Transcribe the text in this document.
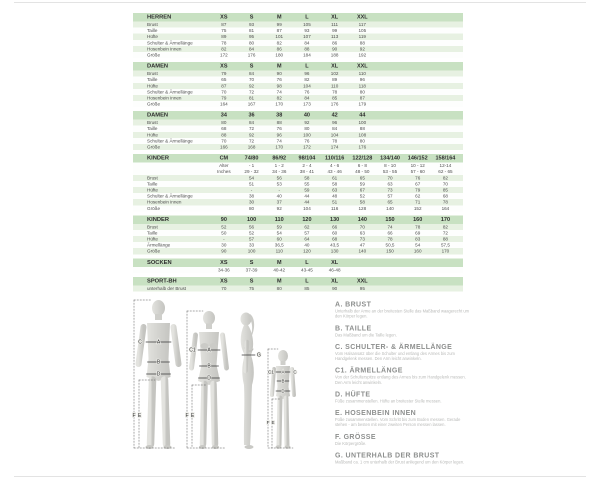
HERREN	XS	S	M	L	XL	XXL
Brust	87	93	99	105	111	117
Taille	75	81	87	93	99	105
Hüfte	89	95	101	107	113	119
Schulter & Ärmellänge	78	80	82	84	86	88
Hosenbein innen	82	84	86	88	90	92
Größe	172	176	180	184	188	192
DAMEN	XS	S	M	L	XL	XXL
Brust	79	84	90	96	102	110
Taille	65	70	76	82	89	96
Hüfte	87	92	98	104	110	118
Schulter & Ärmellänge	70	72	74	76	78	80
Hosenbein innen	79	81	82	84	85	87
Größe	164	167	170	173	176	179
DAMEN	34	36	38	40	42	44
Brust	80	84	88	92	96	100
Taille	68	72	76	80	84	88
Hüfte	88	92	96	100	104	108
Schulter & Ärmellänge	70	72	74	76	78	80
Größe	166	168	170	172	174	176
KINDER	CM	74/80	86/92	98/104 110/116 122/128 134/140 146/152 158/164
Alter	- 1	1 - 2	2 - 4	4 - 6	6 - 8	8 - 10	10 - 12	12-14
Inches	29 - 32	34 - 36	38 - 41	43 - 46	48 - 50	53 - 55	57 - 60	62 - 65
Brust	54	56	58	61	65	70	76	82
Taille	51	53	55	58	59	63	67	70
Hüfte	-	-	59	63	67	73	79	85
Schulter & Ärmellänge	38	40	44	48	52	57	62	68
Hosenbein innen	30	37	44	51	58	65	71	78
Größe	80	92	104	116	128	140	152	164
KINDER	90	100	110	120	130	140	150	160	170
Brust	52	56	59	62	66	70	74	78	82
Taille	50	52	54	57	60	63	66	69	72
Hüfte	-	57	60	64	68	73	78	83	88
Ärmellänge	30	33	36,5	40	43,5	47	50,5	54	57,5
Größe	90	100	110	120	130	140	150	160	170
SOCKEN	XS	S	M	L	XL
34-36	37-39	40-42	43-45	46-48
SPORT-BH	XS	S	M	L	XL	XXL
unterhalb der Brust	70	75	80	85	90	95
C A
B
D
F E
C1 A
B
D
F E
G
C1 C
A
B
D
F E
A. BRUST
Unterhalb der Arme an der breitesten Stelle das Maßband waagerecht um den Körper legen.
B. TAILLE
Das Maßband um die Taille legen.
C. SCHULTER- & ÄRMELLÄNGE
Vom Halsansatz über die Schulter und entlang des Armes bis zum Handgelenk messen. Den Arm leicht anwinkeln.
C1. ÄRMELLÄNGE
Von der Schulterspitze entlang des Armes bis zum Handgelenk messen. Den Arm leicht anwinkeln.
D. HÜFTE
Füße zusammenstellen. Hüfte an breitester Stelle messen.
E. HOSENBEIN INNEN
Füße zusammenstellen. Vom Schritt bis zum Boden messen. Gerade stehen - am besten mit einer zweiten Person messen lassen.
F. GRÖSSE
Die Körpergröße.
G. UNTERHALB DER BRUST
Maßband ca. 1 cm unterhalb der Brust anliegend um den Körper legen.
